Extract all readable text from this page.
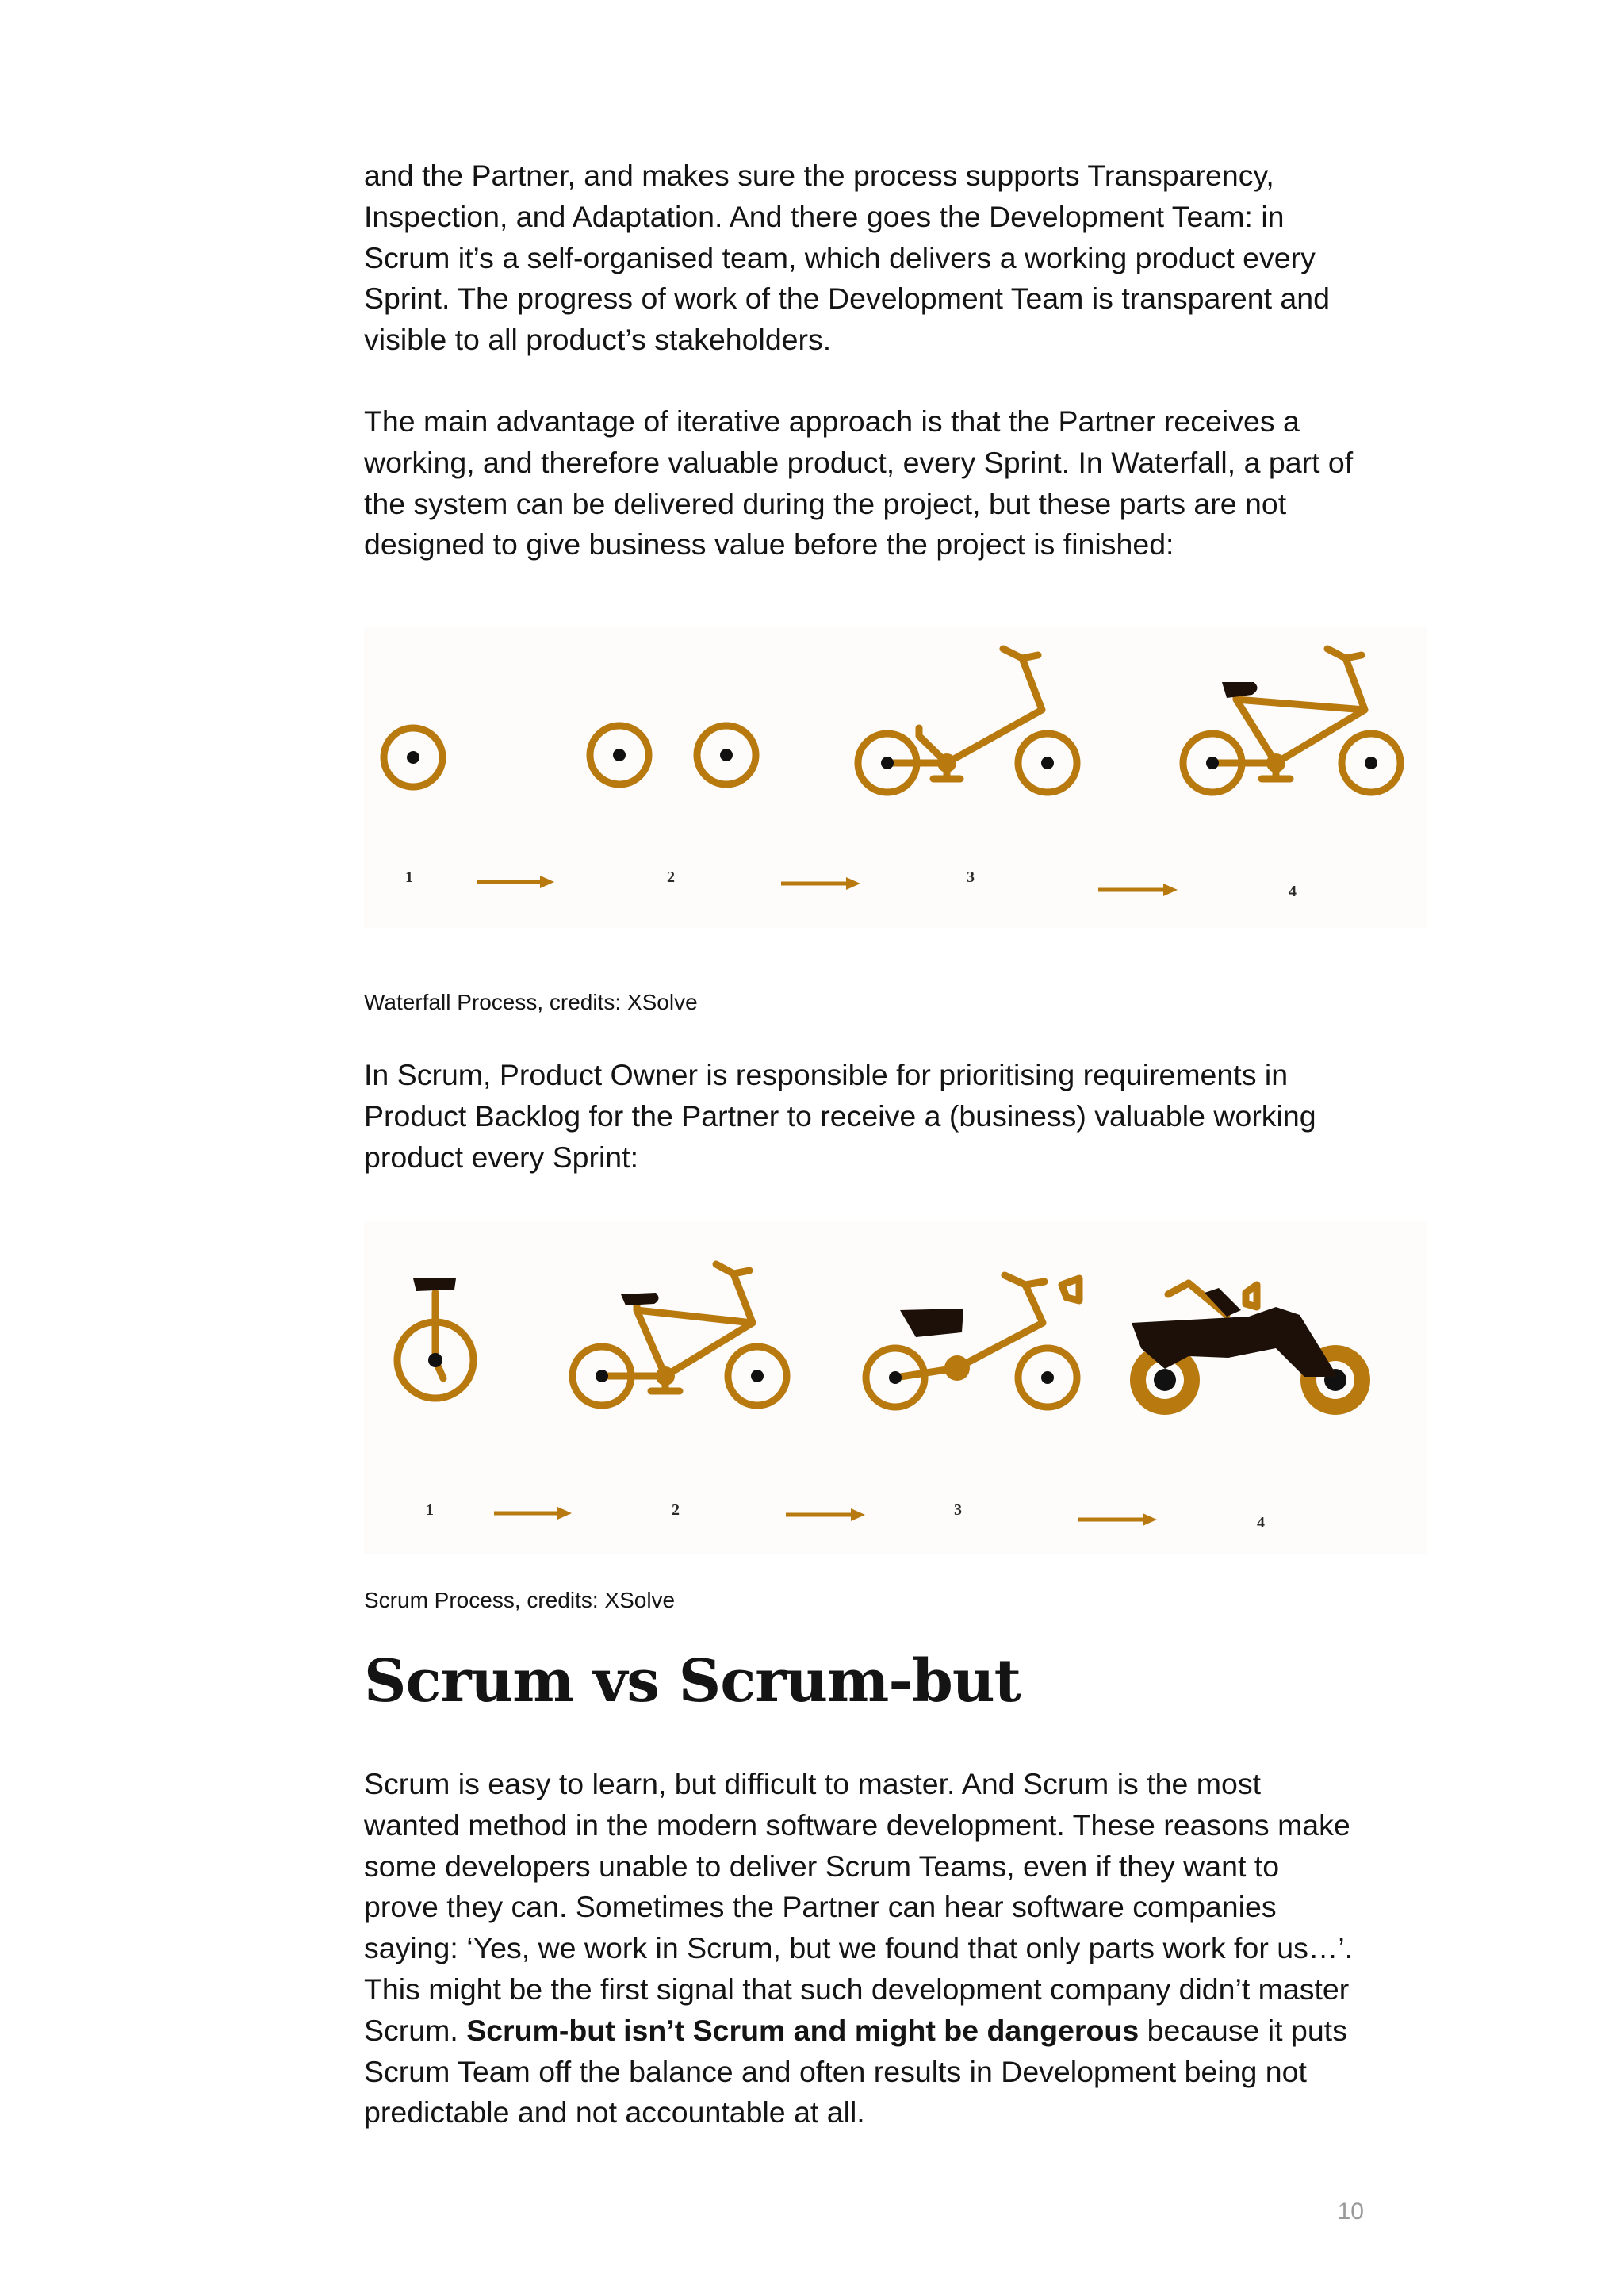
and the Partner, and makes sure the process supports Transparency,
Inspection, and Adaptation. And there goes the Development Team: in
Scrum it’s a self-organised team, which delivers a working product every
Sprint. The progress of work of the Development Team is transparent and
visible to all product’s stakeholders.

The main advantage of iterative approach is that the Partner receives a
working, and therefore valuable product, every Sprint. In Waterfall, a part of
the system can be delivered during the project, but these parts are not
designed to give business value before the project is finished:

1	2	3
4

Waterfall Process, credits: XSolve

In Scrum, Product Owner is responsible for prioritising requirements in
Product Backlog for the Partner to receive a (business) valuable working
product every Sprint:

1	2	3
4

Scrum Process, credits: XSolve

Scrum vs Scrum-but

Scrum is easy to learn, but difficult to master. And Scrum is the most
wanted method in the modern software development. These reasons make
some developers unable to deliver Scrum Teams, even if they want to
prove they can. Sometimes the Partner can hear software companies
saying: ‘Yes, we work in Scrum, but we found that only parts work for us…’.
This might be the first signal that such development company didn’t master
Scrum. Scrum-but isn’t Scrum and might be dangerous because it puts
Scrum Team off the balance and often results in Development being not
predictable and not accountable at all.

10
